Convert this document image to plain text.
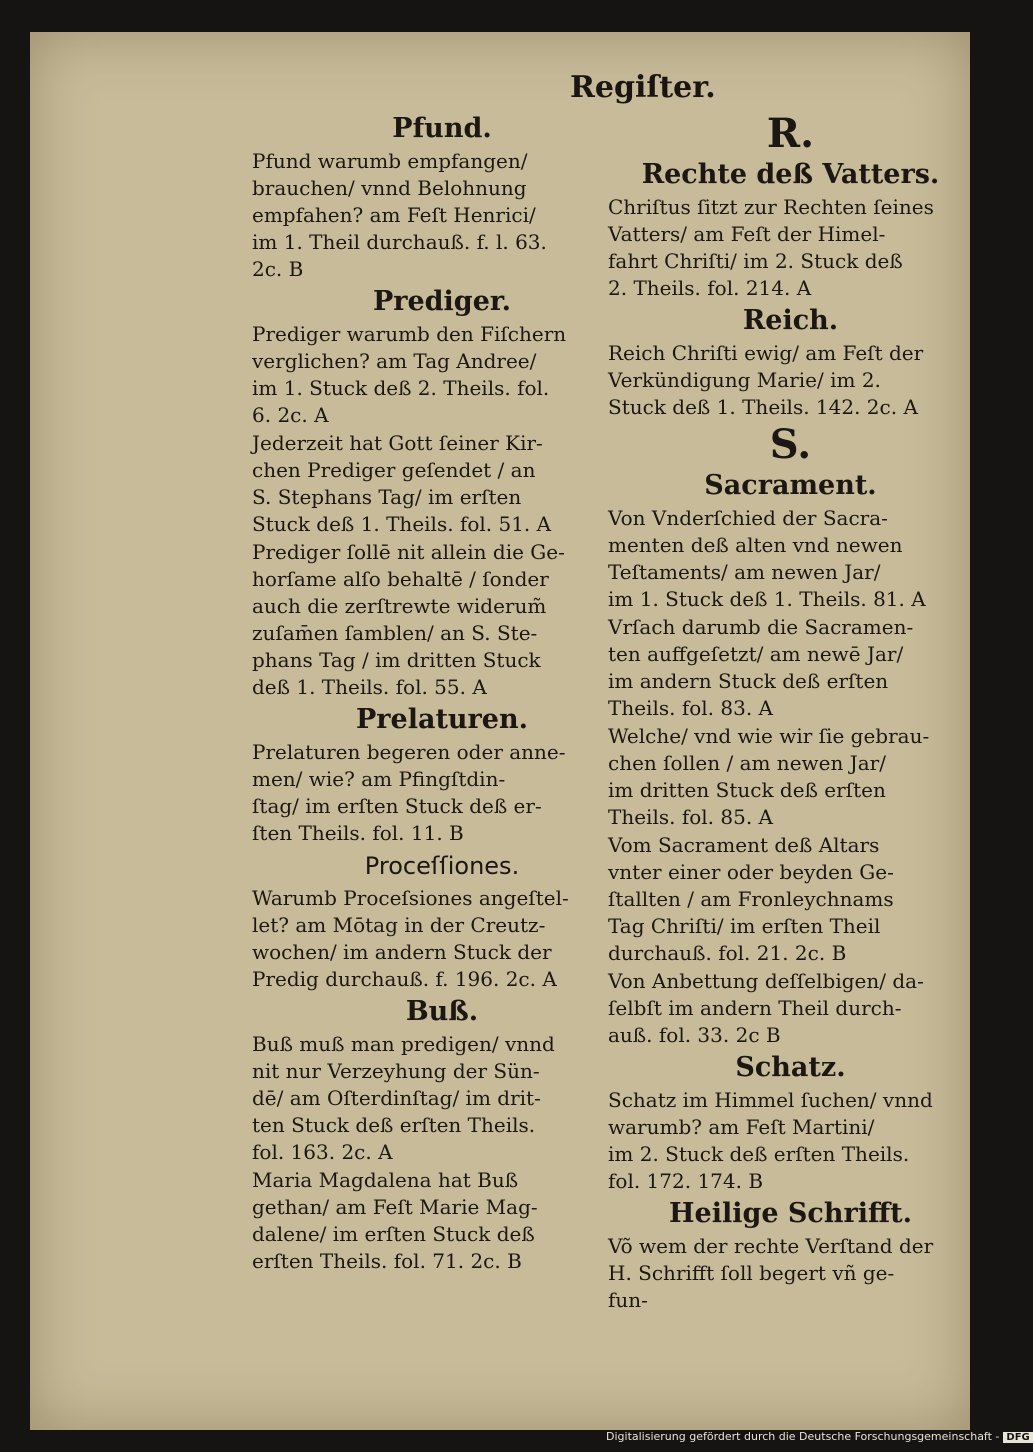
Regiſter.
Pfund.
Pfund warumb empfangen/
brauchen/ vnnd Belohnung
empfahen? am Feſt Henrici/
im 1. Theil durchauß. f. l. 63.
2c. B
Prediger.
Prediger warumb den Fiſchern
verglichen? am Tag Andree/
im 1. Stuck deß 2. Theils. fol.
6. 2c. A
Jederzeit hat Gott ſeiner Kir-
chen Prediger geſendet / an
S. Stephans Tag/ im erſten
Stuck deß 1. Theils. fol. 51. A
Prediger ſollē nit allein die Ge-
horſame alſo behaltē / ſonder
auch die zerſtrewte widerum̃
zuſam̄en ſamblen/ an S. Ste-
phans Tag / im dritten Stuck
deß 1. Theils. fol. 55. A
Prelaturen.
Prelaturen begeren oder anne-
men/ wie? am Pfingſtdin-
ſtag/ im erſten Stuck deß er-
ſten Theils. fol. 11. B
Proceſſiones.
Warumb Proceſsiones angeſtel-
let? am Mōtag in der Creutz-
wochen/ im andern Stuck der
Predig durchauß. f. 196. 2c. A
Buß.
Buß muß man predigen/ vnnd
nit nur Verzeyhung der Sün-
dē/ am Oſterdinſtag/ im drit-
ten Stuck deß erſten Theils.
fol. 163. 2c. A
Maria Magdalena hat Buß
gethan/ am Feſt Marie Mag-
dalene/ im erſten Stuck deß
erſten Theils. fol. 71. 2c. B
R.
Rechte deß Vatters.
Chriſtus ſitzt zur Rechten ſeines
Vatters/ am Feſt der Himel-
fahrt Chriſti/ im 2. Stuck deß
2. Theils. fol. 214. A
Reich.
Reich Chriſti ewig/ am Feſt der
Verkündigung Marie/ im 2.
Stuck deß 1. Theils. 142. 2c. A
S.
Sacrament.
Von Vnderſchied der Sacra-
menten deß alten vnd newen
Teſtaments/ am newen Jar/
im 1. Stuck deß 1. Theils. 81. A
Vrſach darumb die Sacramen-
ten auffgeſetzt/ am newē Jar/
im andern Stuck deß erſten
Theils. fol. 83. A
Welche/ vnd wie wir ſie gebrau-
chen ſollen / am newen Jar/
im dritten Stuck deß erſten
Theils. fol. 85. A
Vom Sacrament deß Altars
vnter einer oder beyden Ge-
ſtallten / am Fronleychnams
Tag Chriſti/ im erſten Theil
durchauß. fol. 21. 2c. B
Von Anbettung deſſelbigen/ da-
ſelbſt im andern Theil durch-
auß. fol. 33. 2c B
Schatz.
Schatz im Himmel ſuchen/ vnnd
warumb? am Feſt Martini/
im 2. Stuck deß erſten Theils.
fol. 172. 174. B
Heilige Schrifft.
Võ wem der rechte Verſtand der
H. Schrifft ſoll begert vñ ge-
fun-
Digitalisierung gefördert durch die Deutsche Forschungsgemeinschaft - DFG
